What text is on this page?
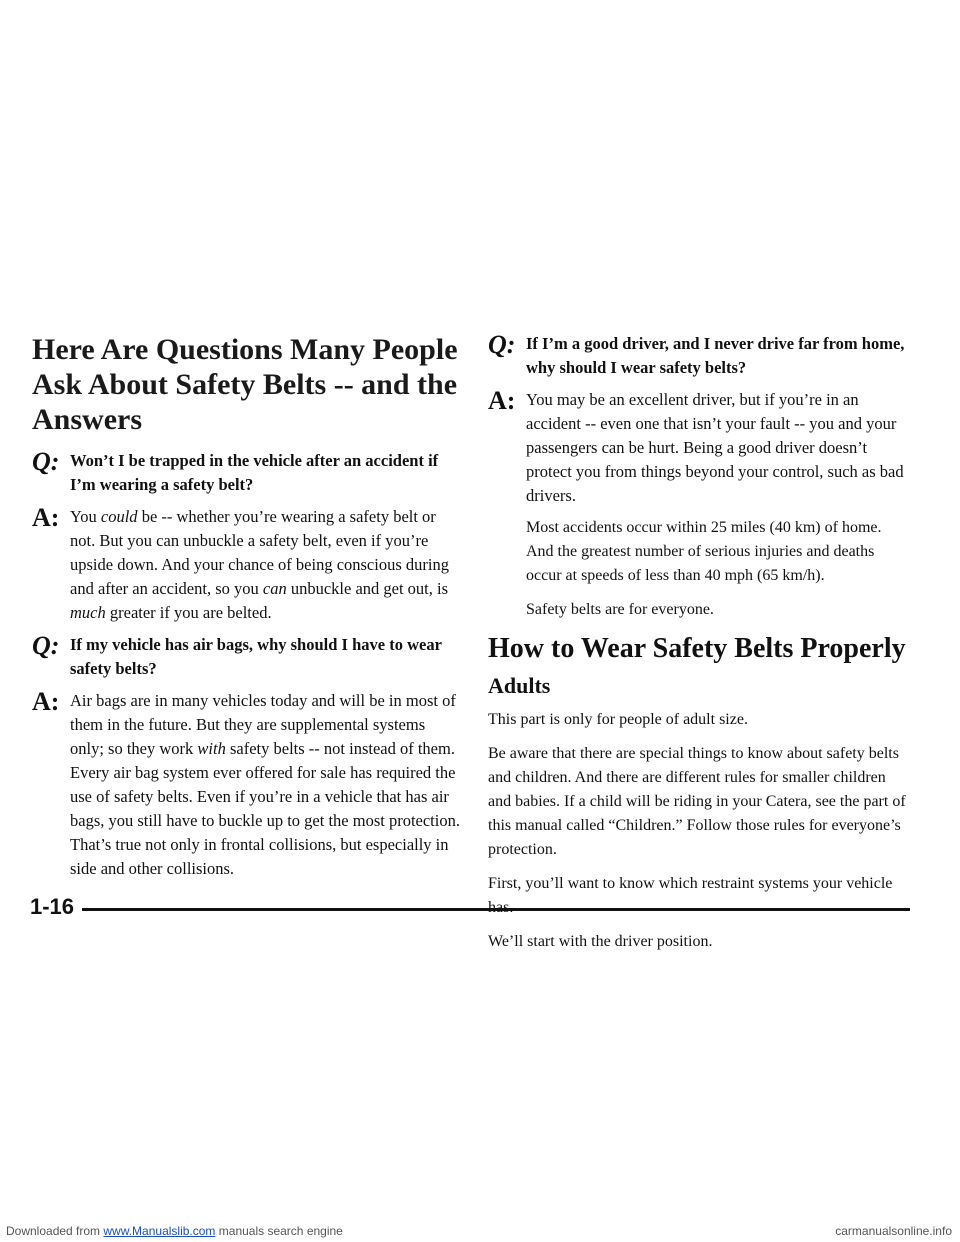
Here Are Questions Many People Ask About Safety Belts -- and the Answers
Q: Won’t I be trapped in the vehicle after an accident if I’m wearing a safety belt?
A: You could be -- whether you’re wearing a safety belt or not. But you can unbuckle a safety belt, even if you’re upside down. And your chance of being conscious during and after an accident, so you can unbuckle and get out, is much greater if you are belted.
Q: If my vehicle has air bags, why should I have to wear safety belts?
A: Air bags are in many vehicles today and will be in most of them in the future. But they are supplemental systems only; so they work with safety belts -- not instead of them. Every air bag system ever offered for sale has required the use of safety belts. Even if you’re in a vehicle that has air bags, you still have to buckle up to get the most protection. That’s true not only in frontal collisions, but especially in side and other collisions.
Q: If I’m a good driver, and I never drive far from home, why should I wear safety belts?
A: You may be an excellent driver, but if you’re in an accident -- even one that isn’t your fault -- you and your passengers can be hurt. Being a good driver doesn’t protect you from things beyond your control, such as bad drivers.

Most accidents occur within 25 miles (40 km) of home. And the greatest number of serious injuries and deaths occur at speeds of less than 40 mph (65 km/h).

Safety belts are for everyone.

How to Wear Safety Belts Properly
Adults

This part is only for people of adult size.

Be aware that there are special things to know about safety belts and children. And there are different rules for smaller children and babies. If a child will be riding in your Catera, see the part of this manual called “Children.” Follow those rules for everyone’s protection.

First, you’ll want to know which restraint systems your vehicle

We’ll start with the driver position.

1-16
Downloaded from www.Manualslib.com manuals search engine	carmanualsonline.info
